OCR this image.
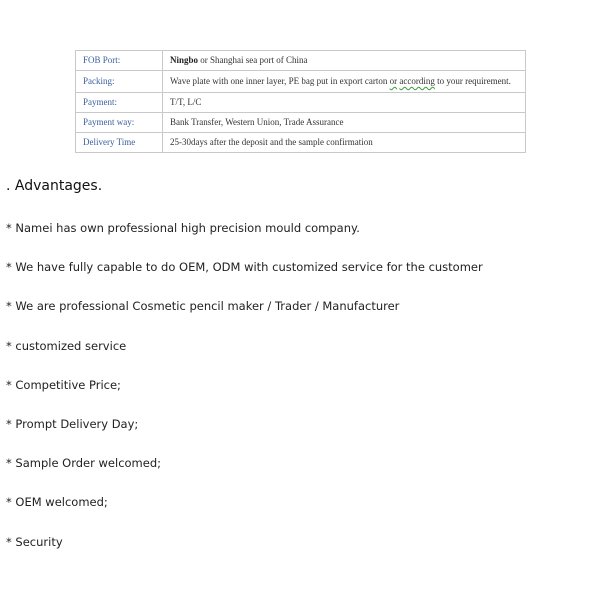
FOB Port:	Ningbo or Shanghai sea port of China
Packing:	Wave plate with one inner layer, PE bag put in export carton or according to your requirement.
Payment:	T/T, L/C
Payment way:	Bank Transfer, Western Union, Trade Assurance
Delivery Time	25-30days after the deposit and the sample confirmation
. Advantages.
* Namei has own professional high precision mould company.
* We have fully capable to do OEM, ODM with customized service for the customer
* We are professional Cosmetic pencil maker / Trader / Manufacturer
* customized service
* Competitive Price;
* Prompt Delivery Day;
* Sample Order welcomed;
* OEM welcomed;
* Security
